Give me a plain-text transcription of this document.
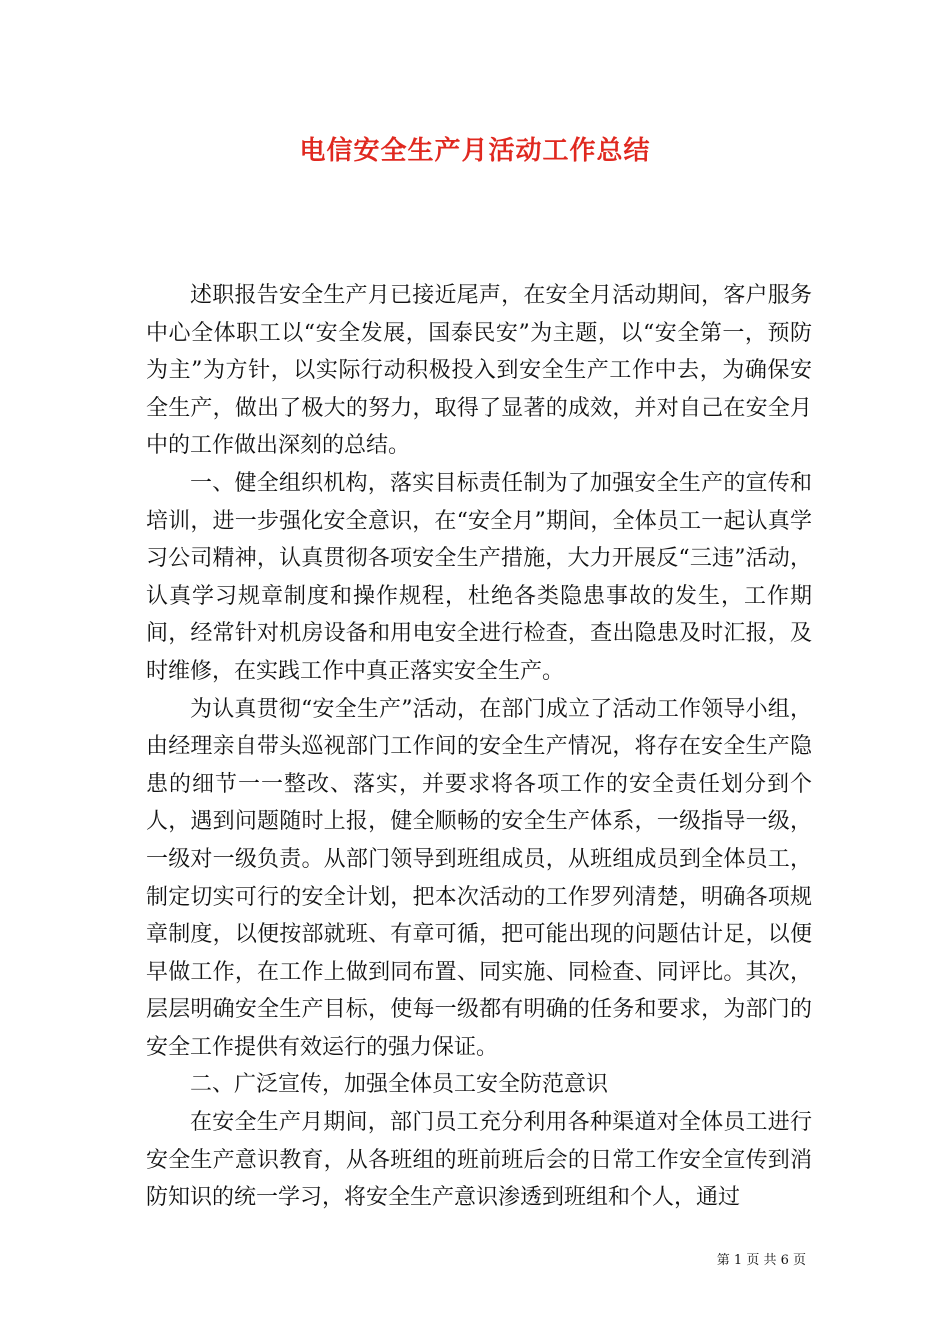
电信安全生产月活动工作总结

述职报告安全生产月已接近尾声，在安全月活动期间，客户服务中心全体职工以“安全发展，国泰民安”为主题，以“安全第一，预防为主”为方针，以实际行动积极投入到安全生产工作中去，为确保安全生产，做出了极大的努力，取得了显著的成效，并对自己在安全月中的工作做出深刻的总结。

一、健全组织机构，落实目标责任制为了加强安全生产的宣传和培训，进一步强化安全意识，在“安全月”期间，全体员工一起认真学习公司精神，认真贯彻各项安全生产措施，大力开展反“三违”活动，认真学习规章制度和操作规程，杜绝各类隐患事故的发生，工作期间，经常针对机房设备和用电安全进行检查，查出隐患及时汇报，及时维修，在实践工作中真正落实安全生产。

为认真贯彻“安全生产”活动，在部门成立了活动工作领导小组，由经理亲自带头巡视部门工作间的安全生产情况，将存在安全生产隐患的细节一一整改、落实，并要求将各项工作的安全责任划分到个人，遇到问题随时上报，健全顺畅的安全生产体系，一级指导一级，一级对一级负责。从部门领导到班组成员，从班组成员到全体员工，制定切实可行的安全计划，把本次活动的工作罗列清楚，明确各项规章制度，以便按部就班、有章可循，把可能出现的问题估计足，以便早做工作，在工作上做到同布置、同实施、同检查、同评比。其次，层层明确安全生产目标，使每一级都有明确的任务和要求，为部门的安全工作提供有效运行的强力保证。

二、广泛宣传，加强全体员工安全防范意识

在安全生产月期间，部门员工充分利用各种渠道对全体员工进行安全生产意识教育，从各班组的班前班后会的日常工作安全宣传到消防知识的统一学习，将安全生产意识渗透到班组和个人，通过

第 1 页 共 6 页
